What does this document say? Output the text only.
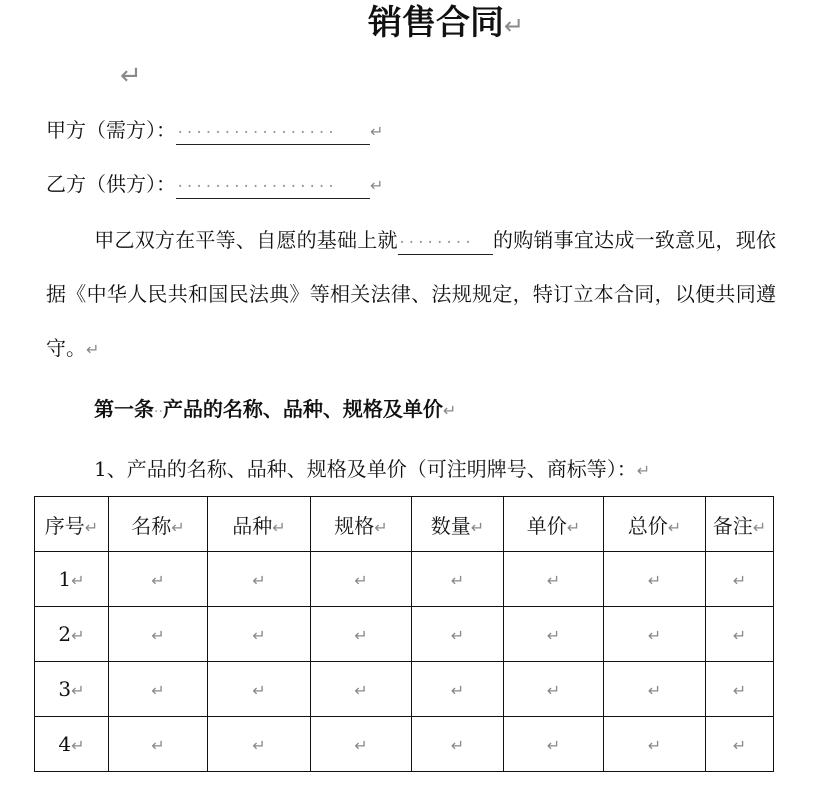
销售合同↵
↵
甲方（需方）：················· ↵
乙方（供方）：················· ↵
甲乙双方在平等、自愿的基础上就········ 的购销事宜达成一致意见，现依据《中华人民共和国民法典》等相关法律、法规规定，特订立本合同，以便共同遵守。↵
第一条··产品的名称、品种、规格及单价↵
1、产品的名称、品种、规格及单价（可注明牌号、商标等）：↵
序号↵	名称↵	品种↵	规格↵	数量↵	单价↵	总价↵	备注↵
1↵	↵	↵	↵	↵	↵	↵	↵
2↵	↵	↵	↵	↵	↵	↵	↵
3↵	↵	↵	↵	↵	↵	↵	↵
4↵	↵	↵	↵	↵	↵	↵	↵
